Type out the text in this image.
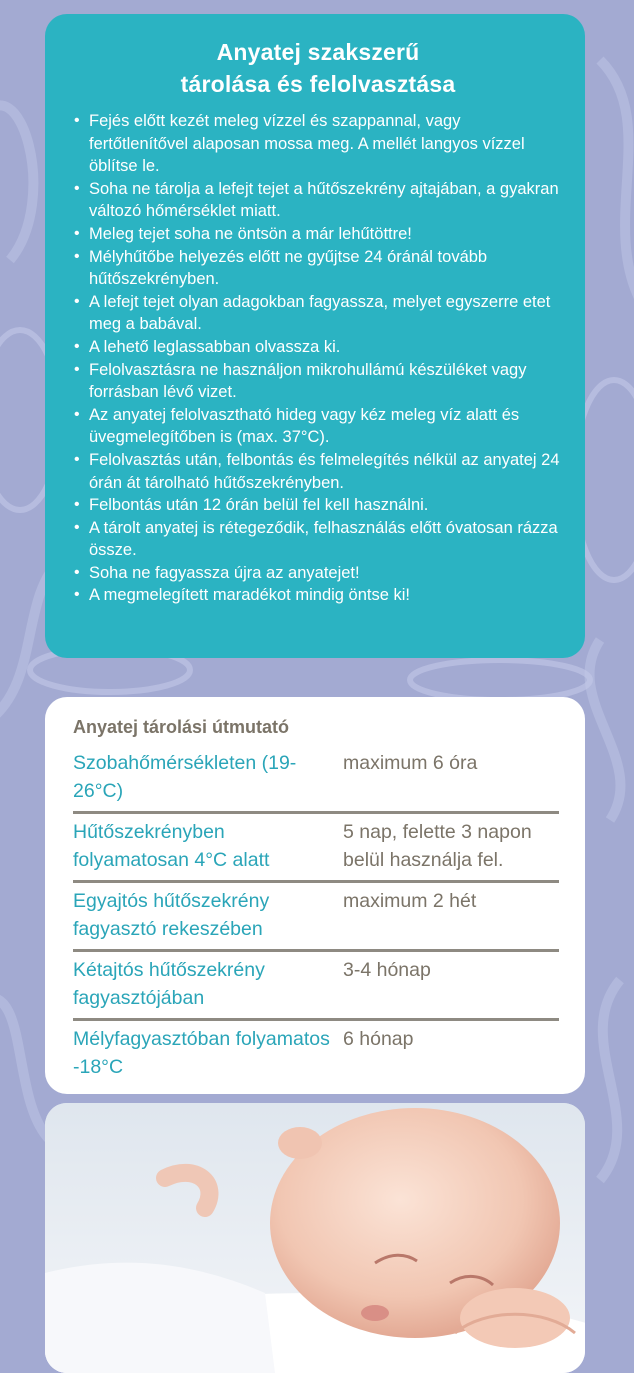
Anyatej szakszerű
tárolása és felolvasztása
• Fejés előtt kezét meleg vízzel és szappannal, vagy fertőtlenítővel alaposan mossa meg. A mellét langyos vízzel öblítse le.
• Soha ne tárolja a lefejt tejet a hűtőszekrény ajtajában, a gyakran változó hőmérséklet miatt.
• Meleg tejet soha ne öntsön a már lehűtöttre!
• Mélyhűtőbe helyezés előtt ne gyűjtse 24 óránál tovább hűtőszekrényben.
• A lefejt tejet olyan adagokban fagyassza, melyet egyszerre etet meg a babával.
• A lehető leglassabban olvassza ki.
• Felolvasztásra ne használjon mikrohullámú készüléket vagy forrásban lévő vizet.
• Az anyatej felolvasztható hideg vagy kéz meleg víz alatt és üvegmelegítőben is (max. 37°C).
• Felolvasztás után, felbontás és felmelegítés nélkül az anyatej 24 órán át tárolható hűtőszekrényben.
• Felbontás után 12 órán belül fel kell használni.
• A tárolt anyatej is rétegeződik, felhasználás előtt óvatosan rázza össze.
• Soha ne fagyassza újra az anyatejet!
• A megmelegített maradékot mindig öntse ki!
Anyatej tárolási útmutató
Szobahőmérsékleten (19-26°C)
maximum 6 óra
Hűtőszekrényben folyamatosan 4°C alatt
5 nap, felette 3 napon belül használja fel.
Egyajtós hűtőszekrény fagyasztó rekeszében
maximum 2 hét
Kétajtós hűtőszekrény fagyasztójában
3-4 hónap
Mélyfagyasztóban folyamatos -18°C
6 hónap
